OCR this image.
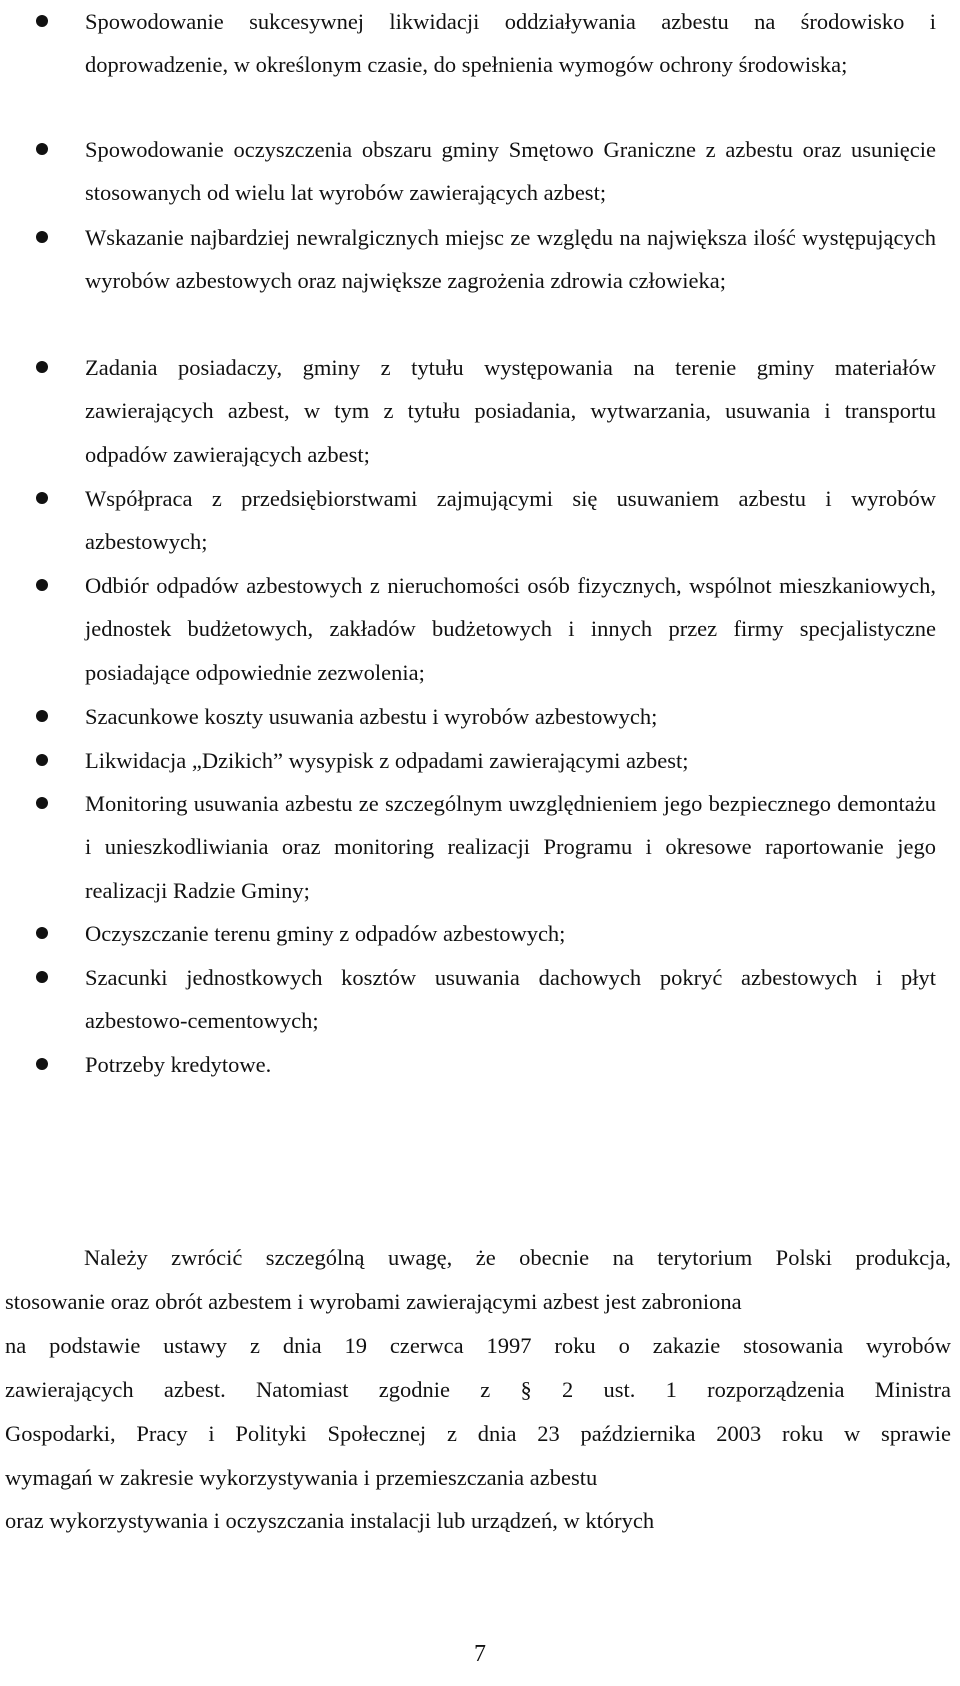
Spowodowanie sukcesywnej likwidacji oddziaływania azbestu na środowisko i doprowadzenie, w określonym czasie, do spełnienia wymogów ochrony środowiska;
Spowodowanie oczyszczenia obszaru gminy Smętowo Graniczne z azbestu oraz usunięcie stosowanych od wielu lat wyrobów zawierających azbest;
Wskazanie najbardziej newralgicznych miejsc ze względu na największa ilość występujących wyrobów azbestowych oraz największe zagrożenia zdrowia człowieka;
Zadania posiadaczy, gminy z tytułu występowania na terenie gminy materiałów zawierających azbest, w tym z tytułu posiadania, wytwarzania, usuwania i transportu odpadów zawierających azbest;
Współpraca z przedsiębiorstwami zajmującymi się usuwaniem azbestu i wyrobów azbestowych;
Odbiór odpadów azbestowych z nieruchomości osób fizycznych, wspólnot mieszkaniowych, jednostek budżetowych, zakładów budżetowych i innych przez firmy specjalistyczne posiadające odpowiednie zezwolenia;
Szacunkowe koszty usuwania azbestu i wyrobów azbestowych;
Likwidacja „Dzikich” wysypisk z odpadami zawierającymi azbest;
Monitoring usuwania azbestu ze szczególnym uwzględnieniem jego bezpiecznego demontażu i unieszkodliwiania oraz monitoring realizacji Programu i okresowe raportowanie jego realizacji Radzie Gminy;
Oczyszczanie terenu gminy z odpadów azbestowych;
Szacunki jednostkowych kosztów usuwania dachowych pokryć azbestowych i płyt azbestowo-cementowych;
Potrzeby kredytowe.
Należy zwrócić szczególną uwagę, że obecnie na terytorium Polski produkcja,
stosowanie oraz obrót azbestem i wyrobami zawierającymi azbest jest zabroniona
na podstawie ustawy z dnia 19 czerwca 1997 roku o zakazie stosowania wyrobów
zawierających azbest. Natomiast zgodnie z § 2 ust. 1 rozporządzenia Ministra
Gospodarki, Pracy i Polityki Społecznej z dnia 23 października 2003 roku w sprawie
wymagań w zakresie wykorzystywania i przemieszczania azbestu
oraz wykorzystywania i oczyszczania instalacji lub urządzeń, w których
7
